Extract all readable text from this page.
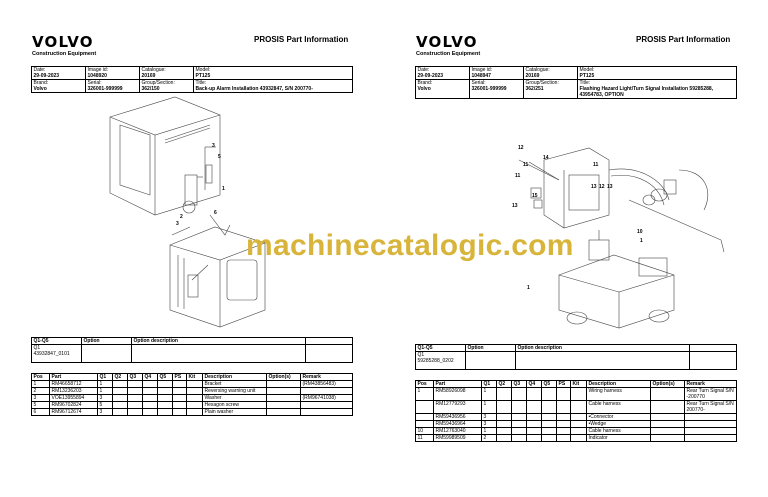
VOLVO
Construction Equipment
PROSIS Part Information
Date:
29-09-2023	Image id:
1048920	Catalogue:
20169	Model:
PT125
Brand:
Volvo	Serial:
326001-999999	Group/Section:
362/150	Title:
Back-up Alarm Installation 43932847, S/N 200770-
3
5
1
6
2
3
Q1-Q5	Option	Option description	
Q1
43932847_0101			
Pos	Part	Q1	Q2	Q3	Q4	Q5	PS	Kit	Description	Option(s)	Remark
1	RM46658712	1							Bracket		(RM43856483)
2	RM13236203	1							Reversing warning unit		
3	VOE13955894	3							Washer		(RM96741038)
5	RM96702824	5							Hexagon screw		
6	RM96712674	3							Plain washer		
VOLVO
Construction Equipment
PROSIS Part Information
Date:
29-09-2023	Image id:
1048947	Catalogue:
20169	Model:
PT125
Brand:
Volvo	Serial:
326001-999999	Group/Section:
362/251	Title:
Flashing Hazard Light/Turn Signal Installation 59285288, 43954783, OPTION
12
14
11
11
15
13
13 12 13
11
10
1
1
Q1-Q5	Option	Option description	
Q1
59285288_0202			
Pos	Part	Q1	Q2	Q3	Q4	Q5	PS	Kit	Description	Option(s)	Remark
1	RM58926098	1							Wiring harness		Rear Turn Signal S/N -200770
	RM12779293	1							Cable harness		Rear Turn Signal S/N 200770-
	RM59436956	3							•Connector		
	RM59436964	3							•Wedge		
10	RM12763040	1							Cable harness		
11	RM59989509	2							Indicator		
machinecatalogic.com
